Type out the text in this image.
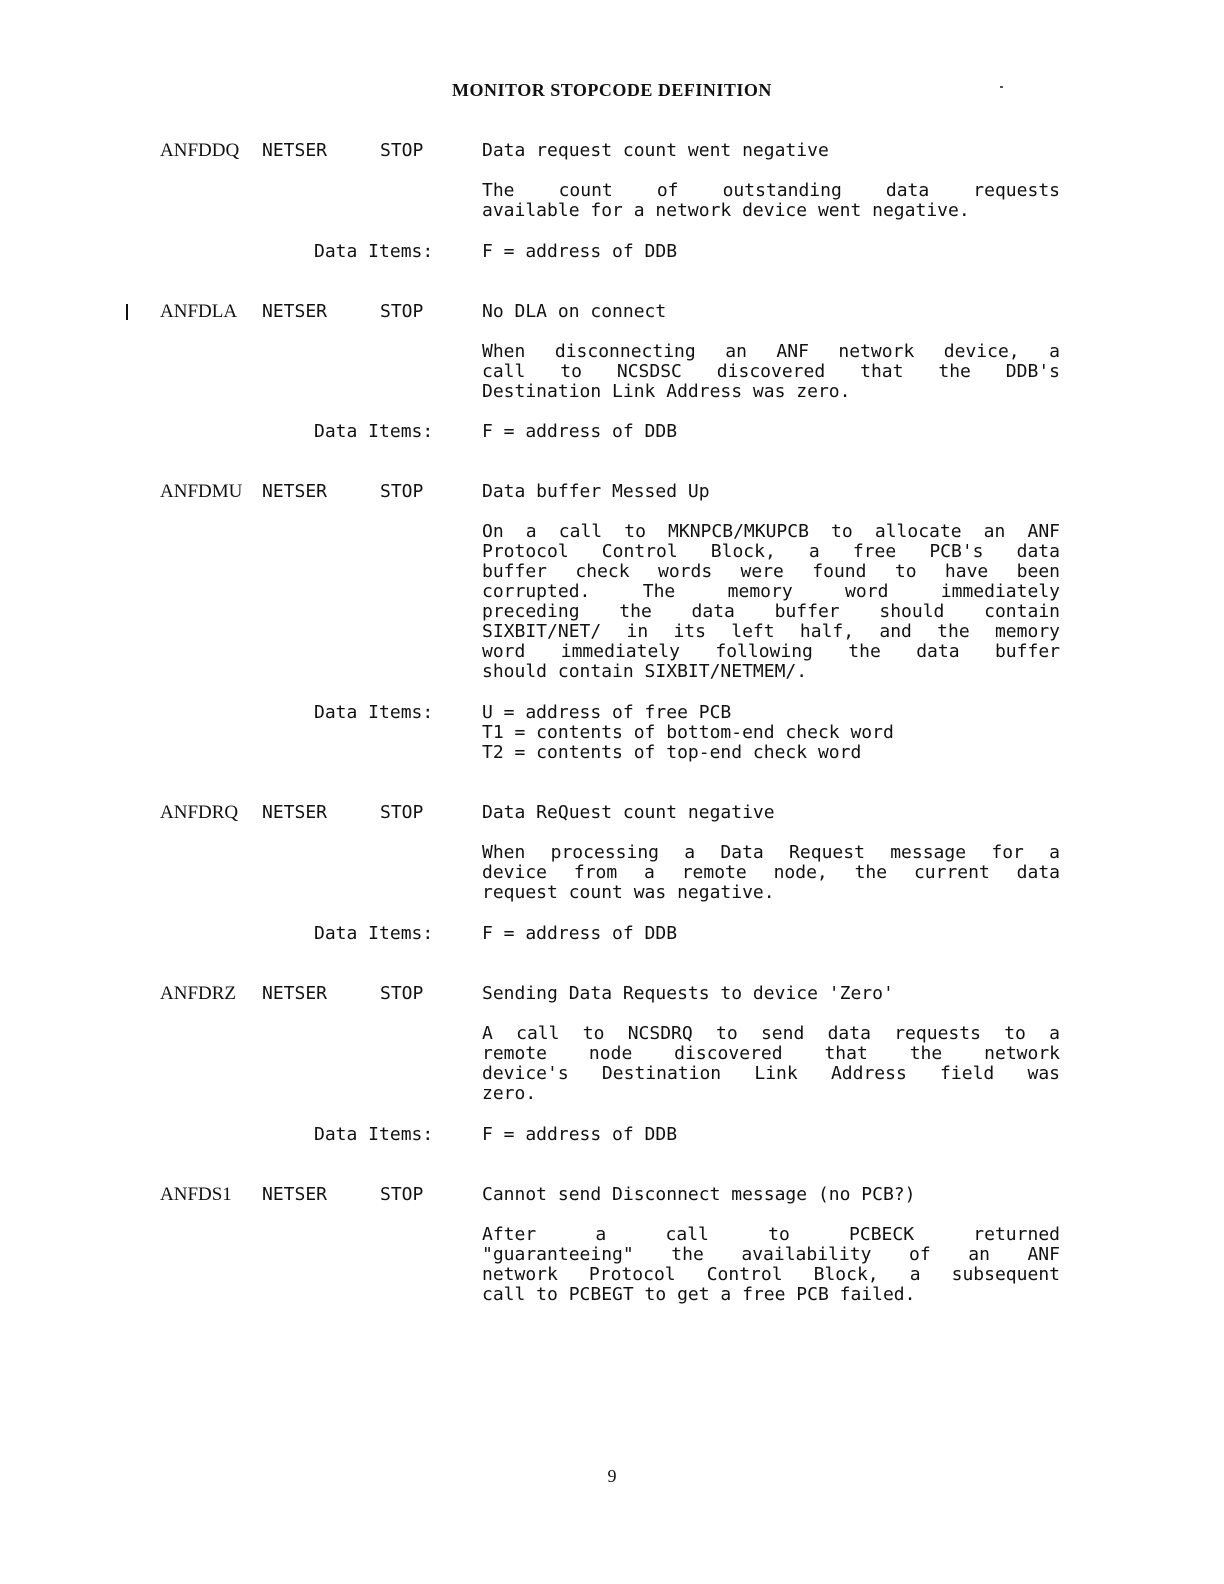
MONITOR STOPCODE DEFINITION
ANFDDQ NETSER	STOP	Data request count went negative
The count of outstanding data requests
available for a network device went negative.
Data Items:	F = address of DDB
ANFDLA NETSER	STOP	No DLA on connect
When disconnecting an ANF network device, a
call to NCSDSC discovered that the DDB's
Destination Link Address was zero.
Data Items:	F = address of DDB
ANFDMU NETSER	STOP	Data buffer Messed Up
On a call to MKNPCB/MKUPCB to allocate an ANF
Protocol Control Block, a free PCB's data
buffer check words were found to have been
corrupted. The memory word immediately
preceding the data buffer should contain
SIXBIT/NET/ in its left half, and the memory
word immediately following the data buffer
should contain SIXBIT/NETMEM/.
Data Items:	U = address of free PCB
T1 = contents of bottom-end check word
T2 = contents of top-end check word
ANFDRQ NETSER	STOP	Data ReQuest count negative
When processing a Data Request message for a
device from a remote node, the current data
request count was negative.
Data Items:	F = address of DDB
ANFDRZ NETSER	STOP	Sending Data Requests to device 'Zero'
A call to NCSDRQ to send data requests to a
remote node discovered that the network
device's Destination Link Address field was
zero.
Data Items:	F = address of DDB
ANFDS1 NETSER	STOP	Cannot send Disconnect message (no PCB?)
After a call to PCBECK returned
"guaranteeing" the availability of an ANF
network Protocol Control Block, a subsequent
call to PCBEGT to get a free PCB failed.
9
